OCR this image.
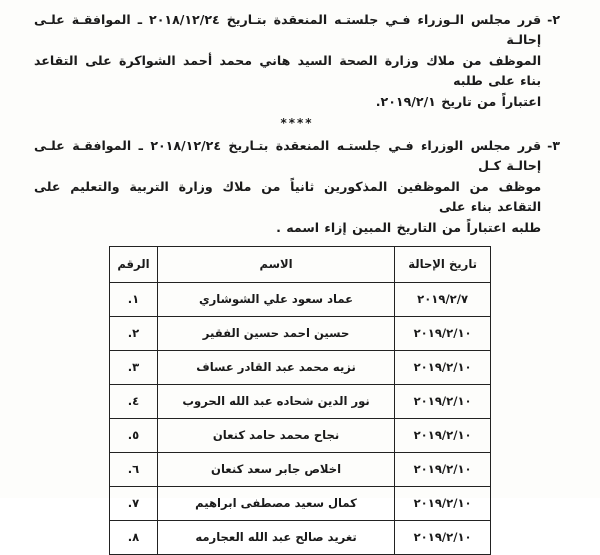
٢-
قرر مجلس الـوزراء فـي جلستـه المنعقدة بتـاريخ ٢٠١٨/١٢/٢٤ ـ الموافقـة علـى إحالـة
الموظف من ملاك وزارة الصحة السيد هاني محمد أحمد الشواكرة على التقاعد بناء على طلبه
اعتباراً من تاريخ ٢٠١٩/٢/١.
****
٣-
قرر مجلس الوزراء فـي جلستـه المنعقدة بتـاريخ ٢٠١٨/١٢/٢٤ ـ الموافقـة علـى إحالـة كـل
موظف من الموظفين المذكورين ثانياً من ملاك وزارة التربية والتعليم على التقاعد بناء على
طلبه اعتباراً من التاريخ المبين إزاء اسمه .
تاريخ الإحالة	الاسم	الرقم
٢٠١٩/٢/٧	عماد سعود علي الشوشاري	١.
٢٠١٩/٢/١٠	حسين احمد حسين الفقير	٢.
٢٠١٩/٢/١٠	نزيه محمد عبد القادر عساف	٣.
٢٠١٩/٢/١٠	نور الدين شحاده عبد الله الحروب	٤.
٢٠١٩/٢/١٠	نجاح محمد حامد كنعان	٥.
٢٠١٩/٢/١٠	اخلاص جابر سعد كنعان	٦.
٢٠١٩/٢/١٠	كمال سعيد مصطفى ابراهيم	٧.
٢٠١٩/٢/١٠	تغريد صالح عبد الله العجارمه	٨.
